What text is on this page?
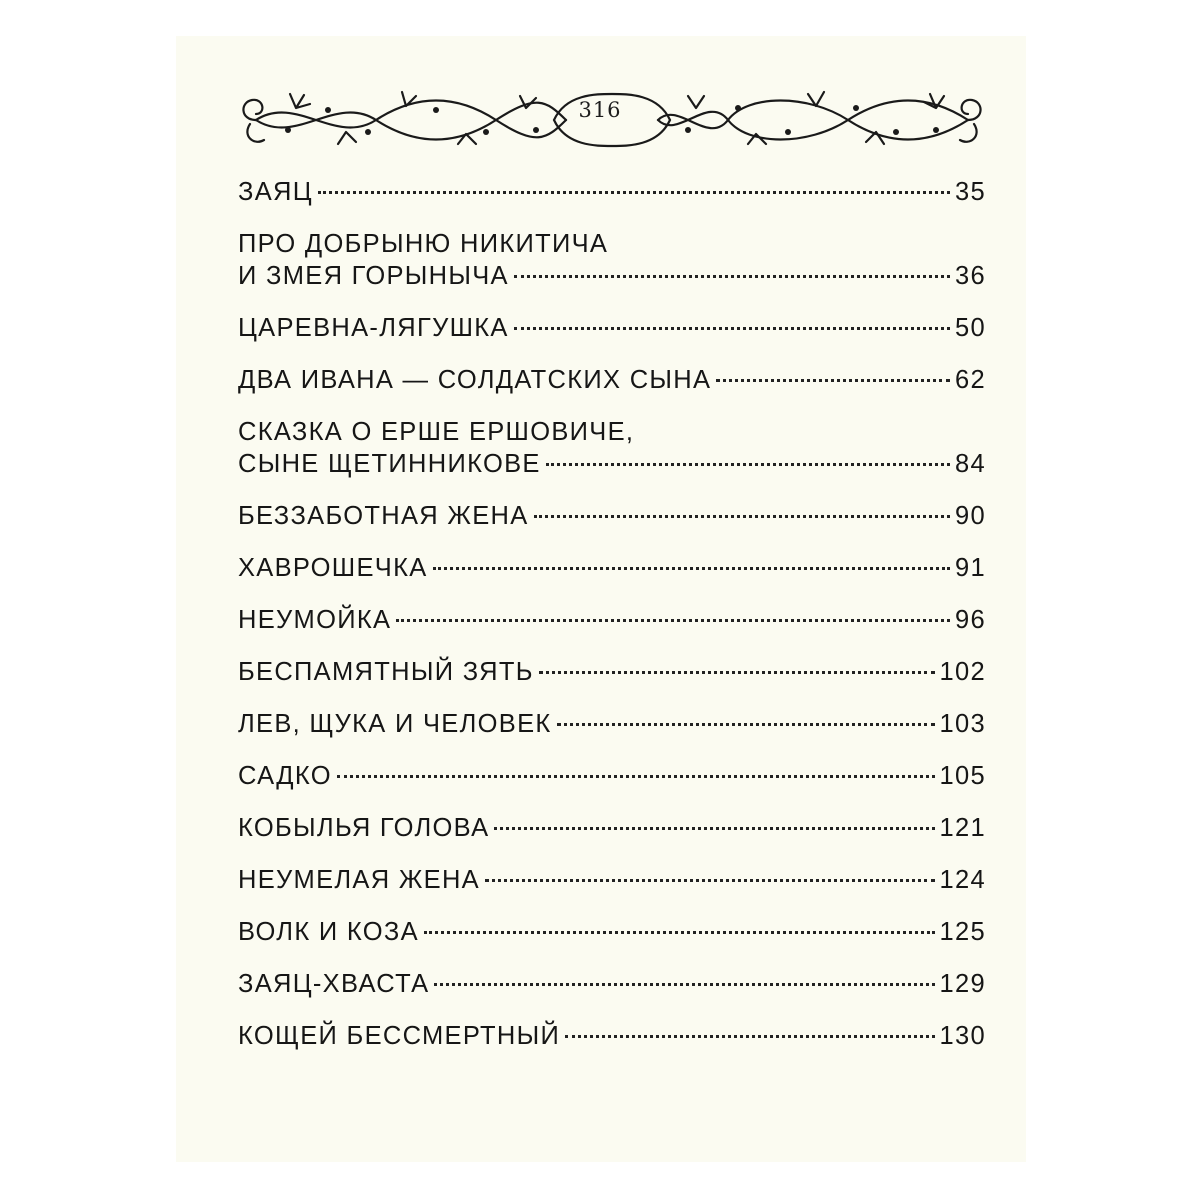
316
ЗАЯЦ	35
ПРО ДОБРЫНЮ НИКИТИЧА
И ЗМЕЯ ГОРЫНЫЧА	36
ЦАРЕВНА-ЛЯГУШКА	50
ДВА ИВАНА — СОЛДАТСКИХ СЫНА	62
СКАЗКА О ЕРШЕ ЕРШОВИЧЕ,
СЫНЕ ЩЕТИННИКОВЕ	84
БЕЗЗАБОТНАЯ ЖЕНА	90
ХАВРОШЕЧКА	91
НЕУМОЙКА	96
БЕСПАМЯТНЫЙ ЗЯТЬ	102
ЛЕВ, ЩУКА И ЧЕЛОВЕК	103
САДКО	105
КОБЫЛЬЯ ГОЛОВА	121
НЕУМЕЛАЯ ЖЕНА	124
ВОЛК И КОЗА	125
ЗАЯЦ-ХВАСТА	129
КОЩЕЙ БЕССМЕРТНЫЙ	130
